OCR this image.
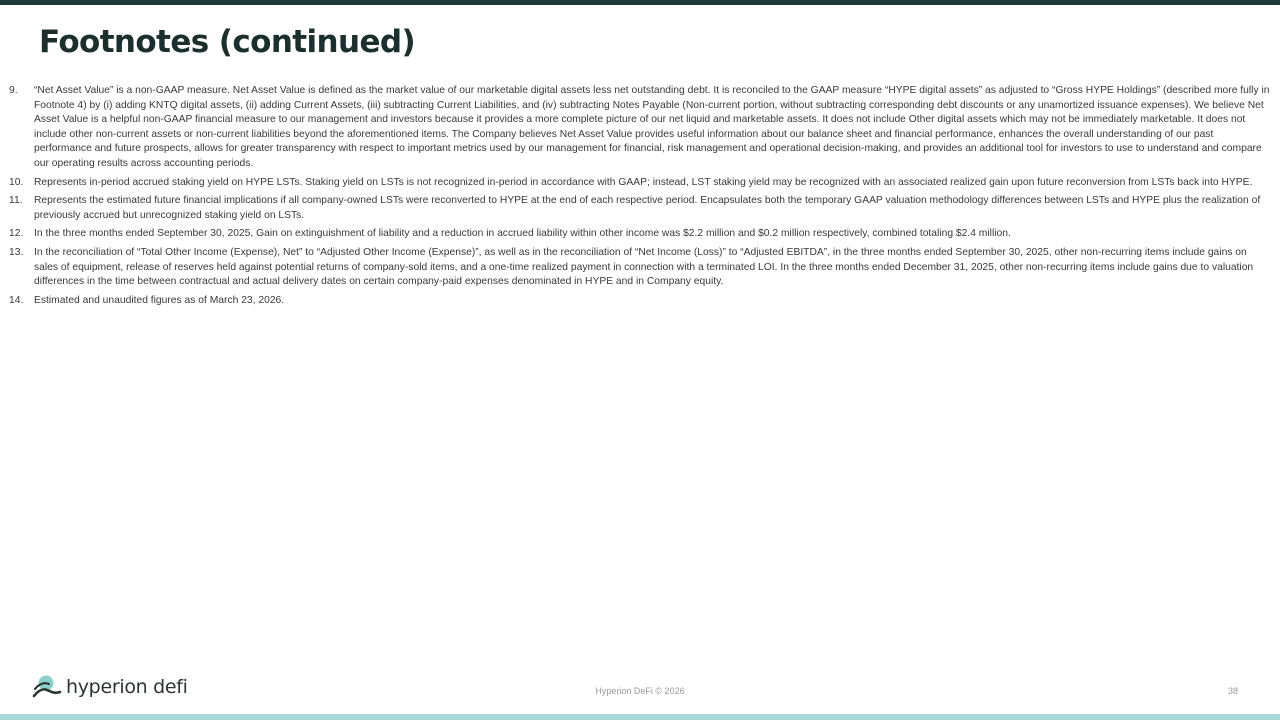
Footnotes (continued)
9.	“Net Asset Value” is a non-GAAP measure. Net Asset Value is defined as the market value of our marketable digital assets less net outstanding debt. It is reconciled to the GAAP measure “HYPE digital assets” as adjusted to “Gross HYPE Holdings” (described more fully in Footnote 4) by (i) adding KNTQ digital assets, (ii) adding Current Assets, (iii) subtracting Current Liabilities, and (iv) subtracting Notes Payable (Non-current portion, without subtracting corresponding debt discounts or any unamortized issuance expenses). We believe Net Asset Value is a helpful non-GAAP financial measure to our management and investors because it provides a more complete picture of our net liquid and marketable assets. It does not include Other digital assets which may not be immediately marketable. It does not include other non-current assets or non-current liabilities beyond the aforementioned items. The Company believes Net Asset Value provides useful information about our balance sheet and financial performance, enhances the overall understanding of our past performance and future prospects, allows for greater transparency with respect to important metrics used by our management for financial, risk management and operational decision-making, and provides an additional tool for investors to use to understand and compare our operating results across accounting periods.
10.	Represents in-period accrued staking yield on HYPE LSTs. Staking yield on LSTs is not recognized in-period in accordance with GAAP; instead, LST staking yield may be recognized with an associated realized gain upon future reconversion from LSTs back into HYPE.
11.	Represents the estimated future financial implications if all company-owned LSTs were reconverted to HYPE at the end of each respective period. Encapsulates both the temporary GAAP valuation methodology differences between LSTs and HYPE plus the realization of previously accrued but unrecognized staking yield on LSTs.
12.	In the three months ended September 30, 2025, Gain on extinguishment of liability and a reduction in accrued liability within other income was $2.2 million and $0.2 million respectively, combined totaling $2.4 million.
13.	In the reconciliation of “Total Other Income (Expense), Net” to “Adjusted Other Income (Expense)”, as well as in the reconciliation of “Net Income (Loss)” to “Adjusted EBITDA”, in the three months ended September 30, 2025, other non-recurring items include gains on sales of equipment, release of reserves held against potential returns of company-sold items, and a one-time realized payment in connection with a terminated LOI. In the three months ended December 31, 2025, other non-recurring items include gains due to valuation differences in the time between contractual and actual delivery dates on certain company-paid expenses denominated in HYPE and in Company equity.
14.	Estimated and unaudited figures as of March 23, 2026.
hyperion defi	Hyperion DeFi © 2026	38
